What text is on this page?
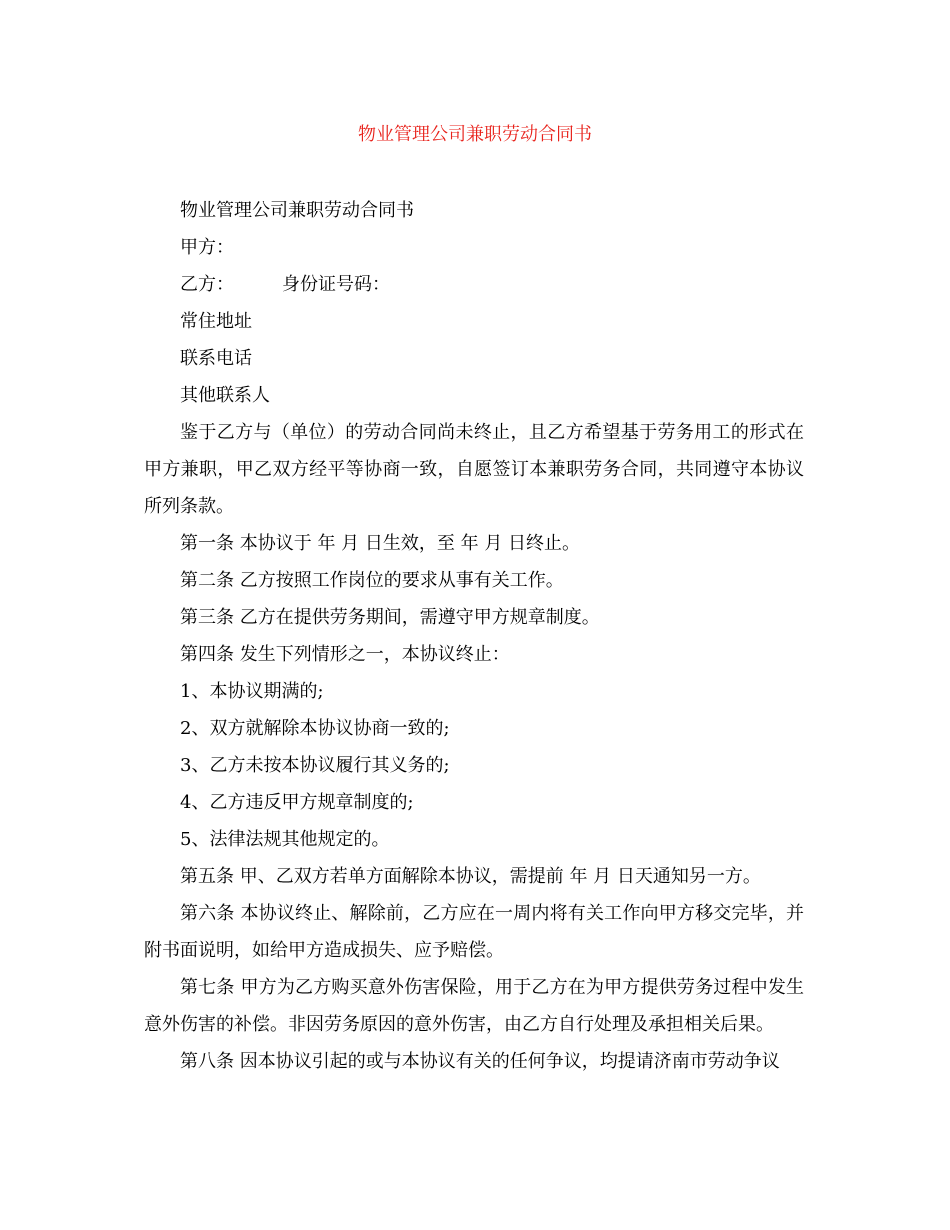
物业管理公司兼职劳动合同书

物业管理公司兼职劳动合同书

甲方：

乙方：	身份证号码：

常住地址

联系电话

其他联系人

鉴于乙方与（单位）的劳动合同尚未终止，且乙方希望基于劳务用工的形式在甲方兼职，甲乙双方经平等协商一致，自愿签订本兼职劳务合同，共同遵守本协议所列条款。

第一条 本协议于 年 月 日生效，至 年 月 日终止。

第二条 乙方按照工作岗位的要求从事有关工作。

第三条 乙方在提供劳务期间，需遵守甲方规章制度。

第四条 发生下列情形之一，本协议终止：

1、本协议期满的;

2、双方就解除本协议协商一致的;

3、乙方未按本协议履行其义务的;

4、乙方违反甲方规章制度的;

5、法律法规其他规定的。

第五条 甲、乙双方若单方面解除本协议，需提前 年 月 日天通知另一方。

第六条 本协议终止、解除前，乙方应在一周内将有关工作向甲方移交完毕，并附书面说明，如给甲方造成损失、应予赔偿。

第七条 甲方为乙方购买意外伤害保险，用于乙方在为甲方提供劳务过程中发生意外伤害的补偿。非因劳务原因的意外伤害，由乙方自行处理及承担相关后果。

第八条 因本协议引起的或与本协议有关的任何争议，均提请济南市劳动争议
